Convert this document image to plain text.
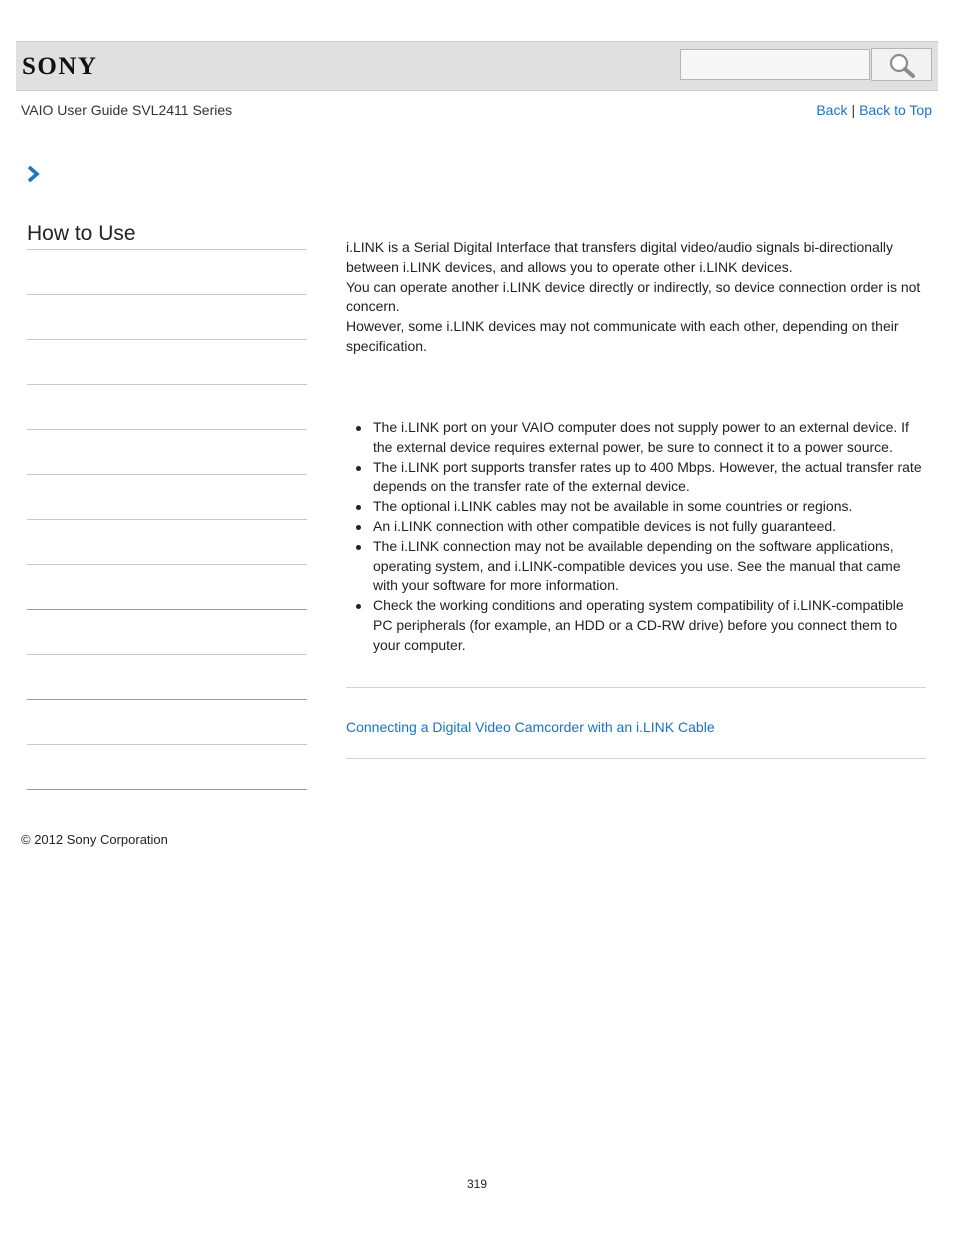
SONY
VAIO User Guide SVL2411 Series	Back | Back to Top
How to Use

i.LINK is a Serial Digital Interface that transfers digital video/audio signals bi-directionally between i.LINK devices, and allows you to operate other i.LINK devices.

You can operate another i.LINK device directly or indirectly, so device connection order is not concern.

However, some i.LINK devices may not communicate with each other, depending on their specification.

The i.LINK port on your VAIO computer does not supply power to an external device. If the external device requires external power, be sure to connect it to a power source.
The i.LINK port supports transfer rates up to 400 Mbps. However, the actual transfer rate depends on the transfer rate of the external device.
The optional i.LINK cables may not be available in some countries or regions.
An i.LINK connection with other compatible devices is not fully guaranteed.
The i.LINK connection may not be available depending on the software applications, operating system, and i.LINK-compatible devices you use. See the manual that came with your software for more information.
Check the working conditions and operating system compatibility of i.LINK-compatible PC peripherals (for example, an HDD or a CD-RW drive) before you connect them to your computer.
Connecting a Digital Video Camcorder with an i.LINK Cable
© 2012 Sony Corporation
319
